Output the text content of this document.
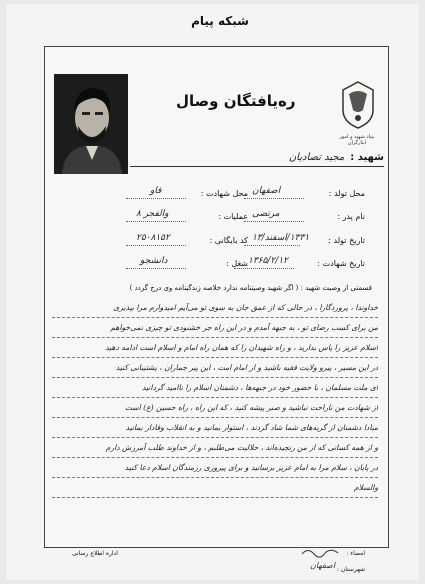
شبکه پیام
ره‌یافتگان وصال
بنیاد شهید و امور ایثارگران
شهید :
مجید تصادیان
محل تولد :
نام پدر :
تاریخ تولد :
تاریخ شهادت :
اصفهان
مرتضی
۱۳۳۱/اسفند/۱۳
۱۳۶۵/۲/۱۲
محل شهادت :
عملیات :
کد بایگانی :
شغل :
فاو
والفجر ۸
۲۵۰۸۱۵۲
دانشجو
قسمتی از وصیت شهید : ( اگر شهید وصیتنامه ندارد خلاصه زندگینامه وی درج گردد )
خداوندا ، پروردگارا ، در حالی که از عمق جان به سوی تو می‌آیم امیدوارم مرا بپذیری
من برای کسب رضای تو ، به جبهه آمدم و در این راه جز خشنودی تو چیزی نمی‌خواهم
اسلام عزیز را پاس بدارید ، و راه شهیدان را که همان راه امام و اسلام است ادامه دهید
در این مسیر ، پیرو ولایت فقیه باشید و از امام امت ، این پیر جماران ، پشتیبانی کنید
ای ملت مسلمان ، با حضور خود در جبهه‌ها ، دشمنان اسلام را ناامید گردانید
از شهادت من ناراحت نباشید و صبر پیشه کنید ، که این راه ، راه حسین (ع) است
مبادا دشمنان از گریه‌های شما شاد گردند ، استوار بمانید و به انقلاب وفادار بمانید
و از همه کسانی که از من رنجیده‌اند ، حلالیت می‌طلبم ، و از خداوند طلب آمرزش دارم
در پایان ، سلام مرا به امام عزیز برسانید و برای پیروزی رزمندگان اسلام دعا کنید
والسلام
اداره اطلاع رسانی	امضاء :
شهرستان :
اصفهان
